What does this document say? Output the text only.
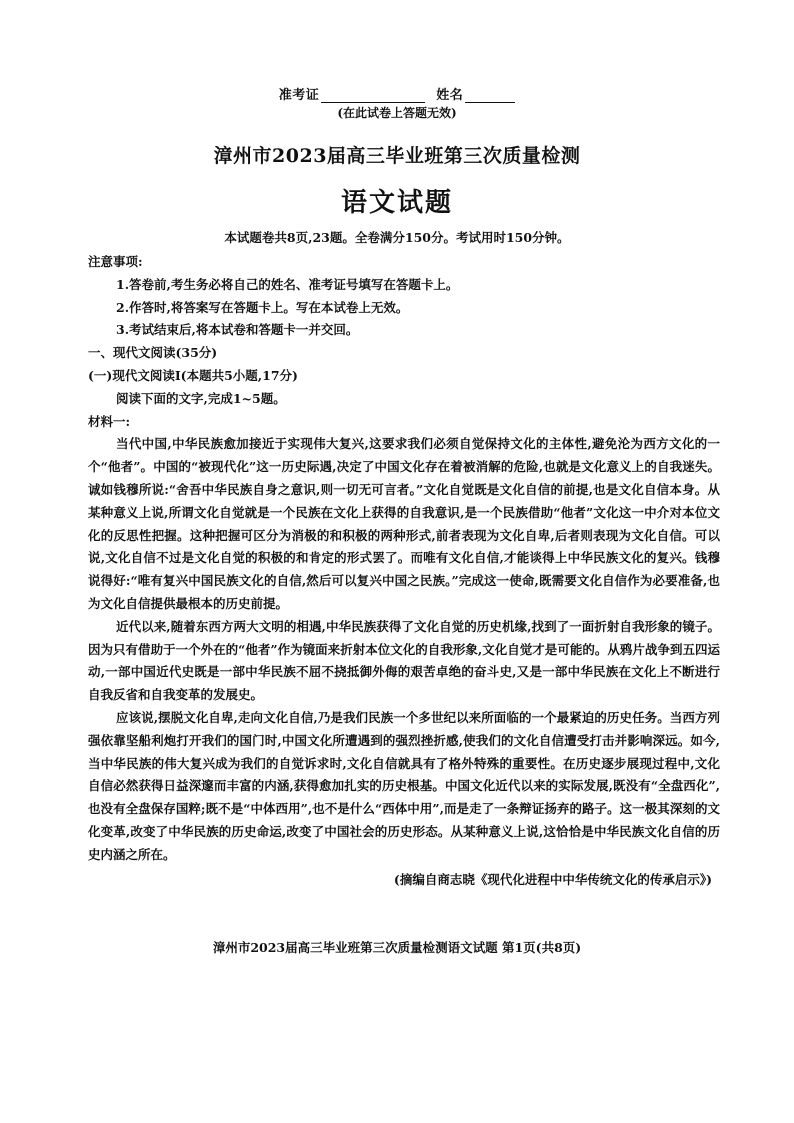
准考证	姓名
(在此试卷上答题无效)
漳州市2023届高三毕业班第三次质量检测
语文试题
本试题卷共8页,23题。全卷满分150分。考试用时150分钟。

注意事项:

1.答卷前,考生务必将自己的姓名、准考证号填写在答题卡上。

2.作答时,将答案写在答题卡上。写在本试卷上无效。

3.考试结束后,将本试卷和答题卡一并交回。

一、现代文阅读(35分)

(一)现代文阅读Ⅰ(本题共5小题,17分)

阅读下面的文字,完成1~5题。

材料一:

当代中国,中华民族愈加接近于实现伟大复兴,这要求我们必须自觉保持文化的主体性,避免沦为西方文化的一个“他者”。中国的“被现代化”这一历史际遇,决定了中国文化存在着被消解的危险,也就是文化意义上的自我迷失。诚如钱穆所说:“舍吾中华民族自身之意识,则一切无可言者。”文化自觉既是文化自信的前提,也是文化自信本身。从某种意义上说,所谓文化自觉就是一个民族在文化上获得的自我意识,是一个民族借助“他者”文化这一中介对本位文化的反思性把握。这种把握可区分为消极的和积极的两种形式,前者表现为文化自卑,后者则表现为文化自信。可以说,文化自信不过是文化自觉的积极的和肯定的形式罢了。而唯有文化自信,才能谈得上中华民族文化的复兴。钱穆说得好:“唯有复兴中国民族文化的自信,然后可以复兴中国之民族。”完成这一使命,既需要文化自信作为必要准备,也为文化自信提供最根本的历史前提。

近代以来,随着东西方两大文明的相遇,中华民族获得了文化自觉的历史机缘,找到了一面折射自我形象的镜子。因为只有借助于一个外在的“他者”作为镜面来折射本位文化的自我形象,文化自觉才是可能的。从鸦片战争到五四运动,一部中国近代史既是一部中华民族不屈不挠抵御外侮的艰苦卓绝的奋斗史,又是一部中华民族在文化上不断进行自我反省和自我变革的发展史。

应该说,摆脱文化自卑,走向文化自信,乃是我们民族一个多世纪以来所面临的一个最紧迫的历史任务。当西方列强依靠坚船利炮打开我们的国门时,中国文化所遭遇到的强烈挫折感,使我们的文化自信遭受打击并影响深远。如今,当中华民族的伟大复兴成为我们的自觉诉求时,文化自信就具有了格外特殊的重要性。在历史逐步展现过程中,文化自信必然获得日益深邃而丰富的内涵,获得愈加扎实的历史根基。中国文化近代以来的实际发展,既没有“全盘西化”,也没有全盘保存国粹;既不是“中体西用”,也不是什么“西体中用”,而是走了一条辩证扬弃的路子。这一极其深刻的文化变革,改变了中华民族的历史命运,改变了中国社会的历史形态。从某种意义上说,这恰恰是中华民族文化自信的历史内涵之所在。

(摘编自商志晓《现代化进程中中华传统文化的传承启示》)

漳州市2023届高三毕业班第三次质量检测语文试题 第1页(共8页)
